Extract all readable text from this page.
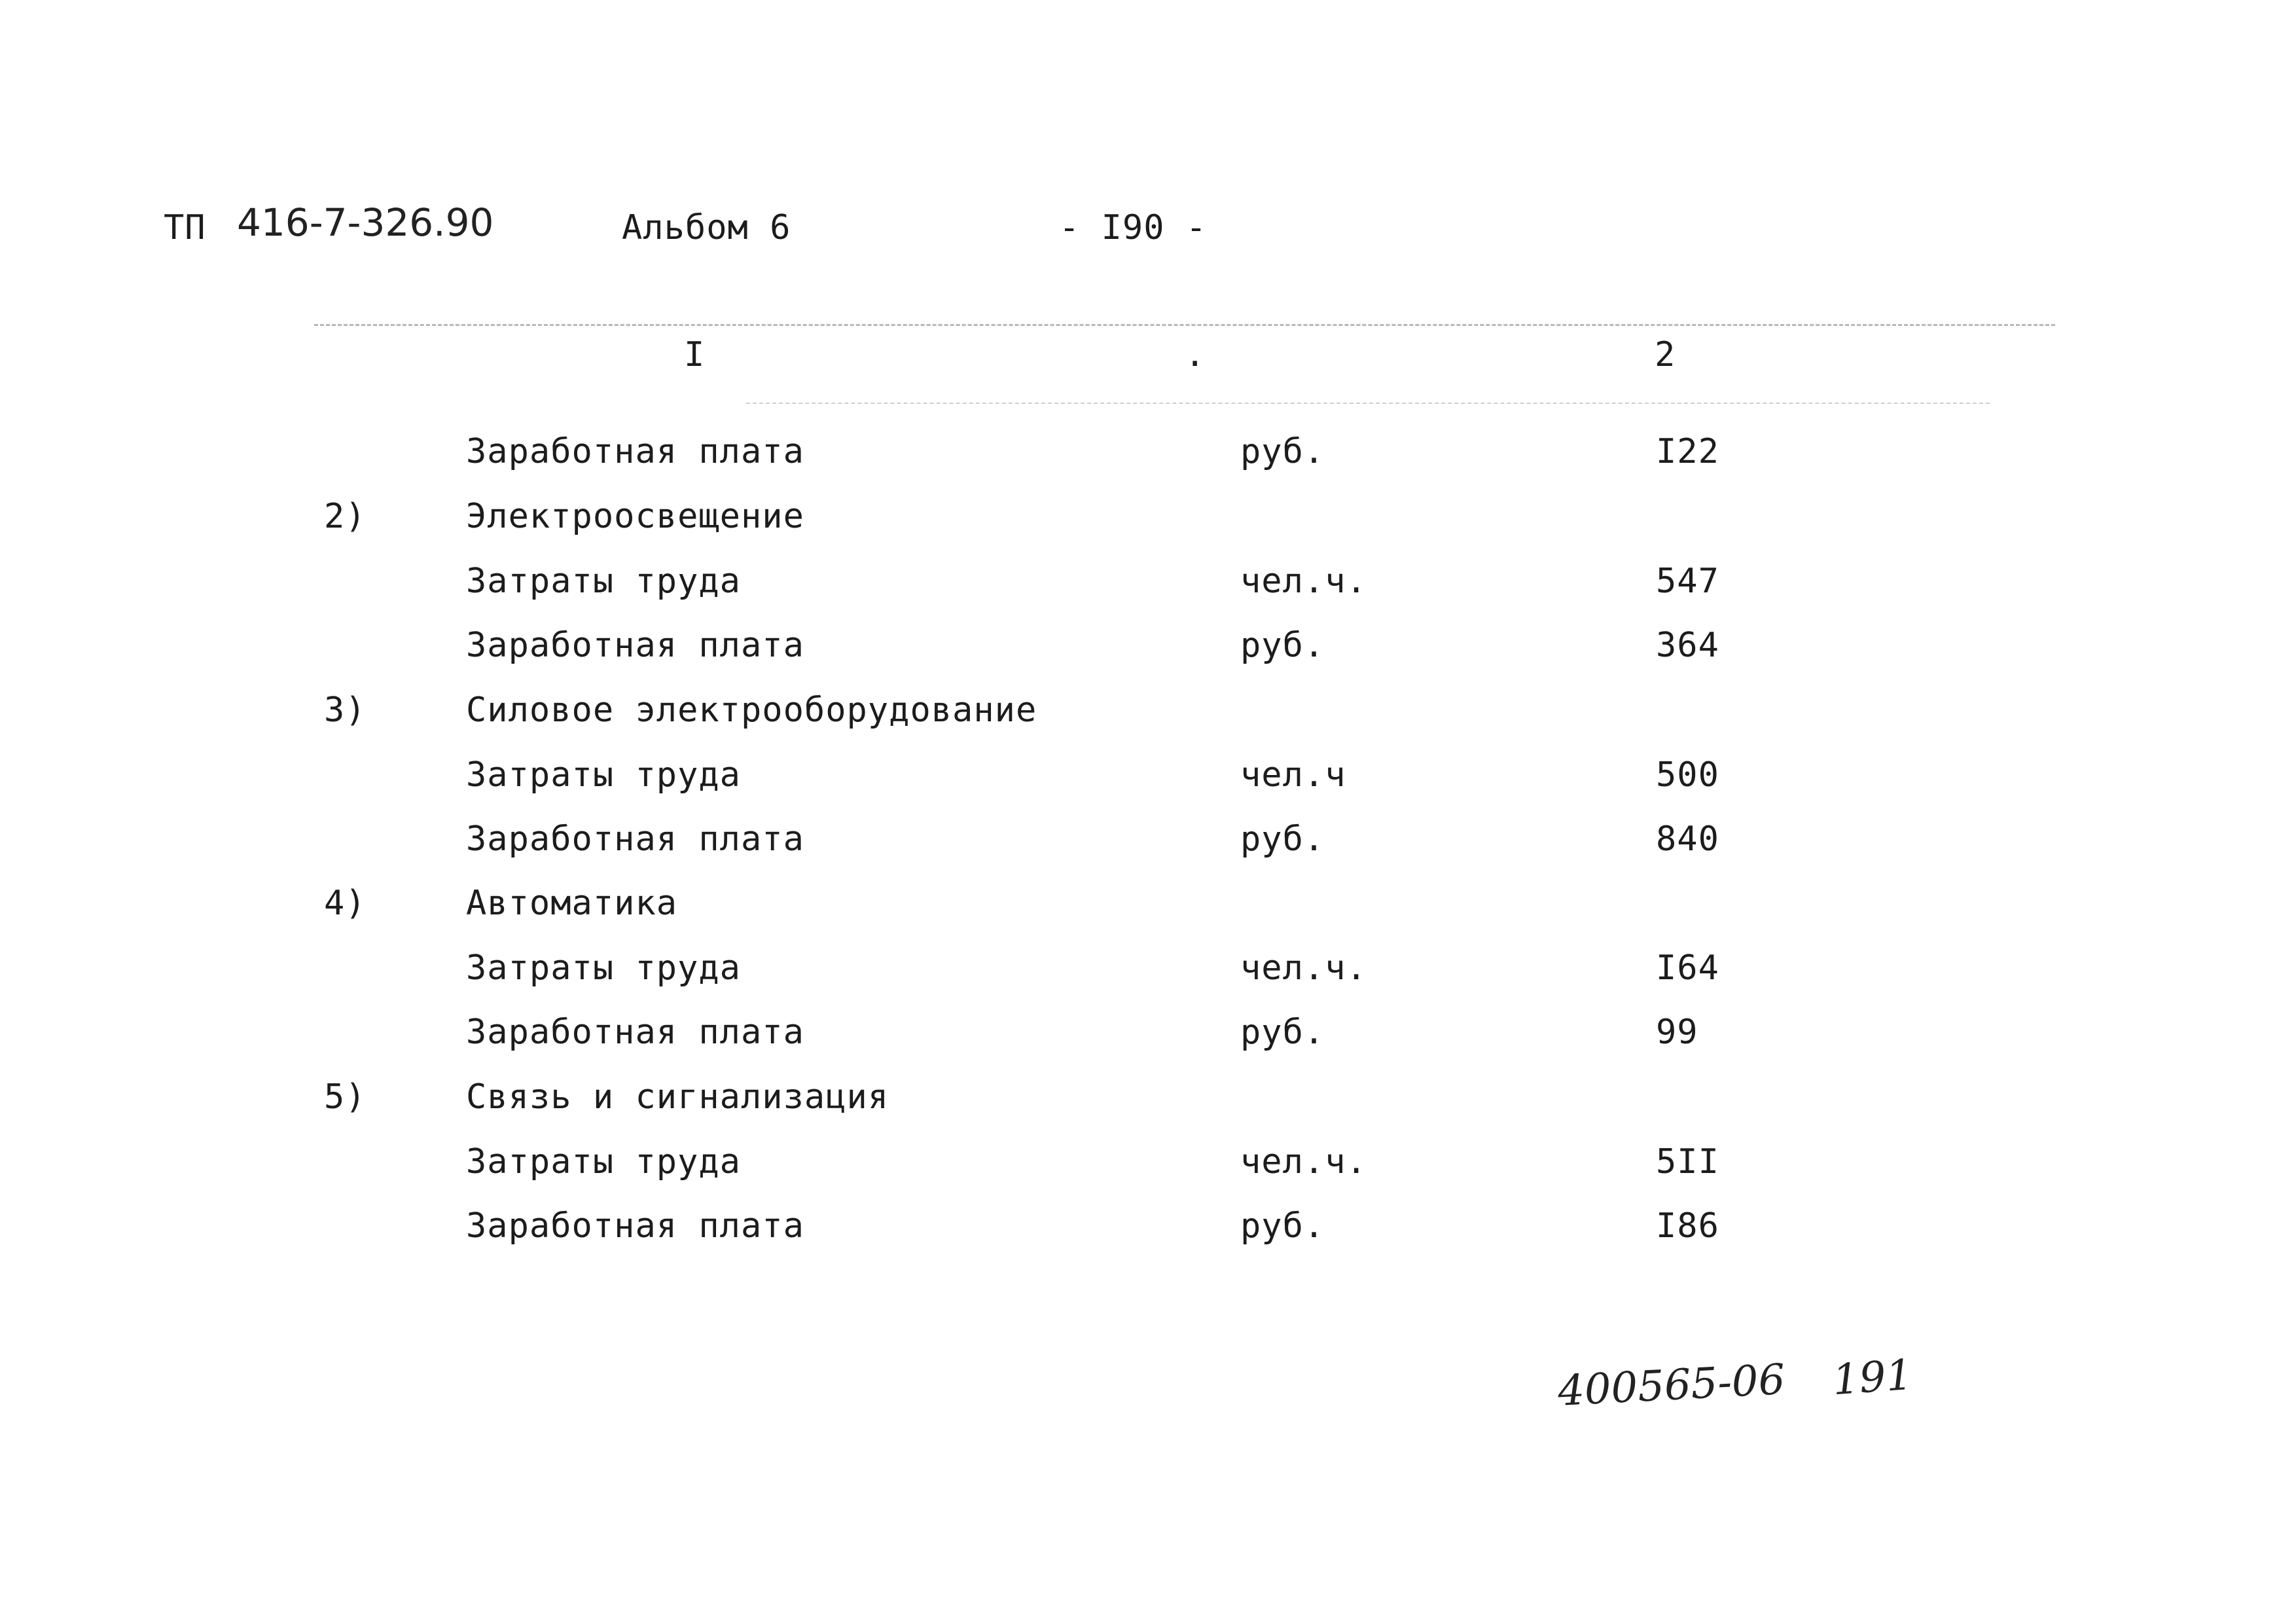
ТП 416-7-326.90	Альбом 6	- I90 -
I	.	2
Заработная плата	руб.	I22
2)	Электроосвещение
Затраты труда	чел.ч.	547
Заработная плата	руб.	364
3)	Силовое электрооборудование
Затраты труда	чел.ч	500
Заработная плата	руб.	840
4)	Автоматика
Затраты труда	чел.ч.	I64
Заработная плата	руб.	99
5)	Связь и сигнализация
Затраты труда	чел.ч.	5II
Заработная плата	руб.	I86
400565-06 191
